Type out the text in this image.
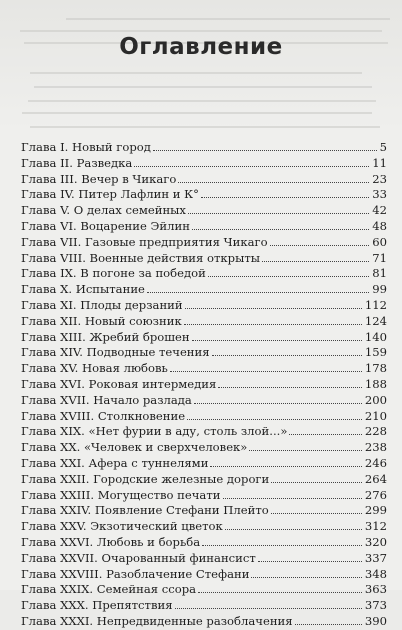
Оглавление
Глава I. Новый город	5
Глава II. Разведка	11
Глава III. Вечер в Чикаго	23
Глава IV. Питер Лафлин и К°	33
Глава V. О делах семейных	42
Глава VI. Воцарение Эйлин	48
Глава VII. Газовые предприятия Чикаго	60
Глава VIII. Военные действия открыты	71
Глава IX. В погоне за победой	81
Глава X. Испытание	99
Глава XI. Плоды дерзаний	112
Глава XII. Новый союзник	124
Глава XIII. Жребий брошен	140
Глава XIV. Подводные течения	159
Глава XV. Новая любовь	178
Глава XVI. Роковая интермедия	188
Глава XVII. Начало разлада	200
Глава XVIII. Столкновение	210
Глава XIX. «Нет фурии в аду, столь злой...»	228
Глава XX. «Человек и сверхчеловек»	238
Глава XXI. Афера с туннелями	246
Глава XXII. Городские железные дороги	264
Глава XXIII. Могущество печати	276
Глава XXIV. Появление Стефани Плейто	299
Глава XXV. Экзотический цветок	312
Глава XXVI. Любовь и борьба	320
Глава XXVII. Очарованный финансист	337
Глава XXVIII. Разоблачение Стефани	348
Глава XXIX. Семейная ссора	363
Глава XXX. Препятствия	373
Глава XXXI. Непредвиденные разоблачения	390
